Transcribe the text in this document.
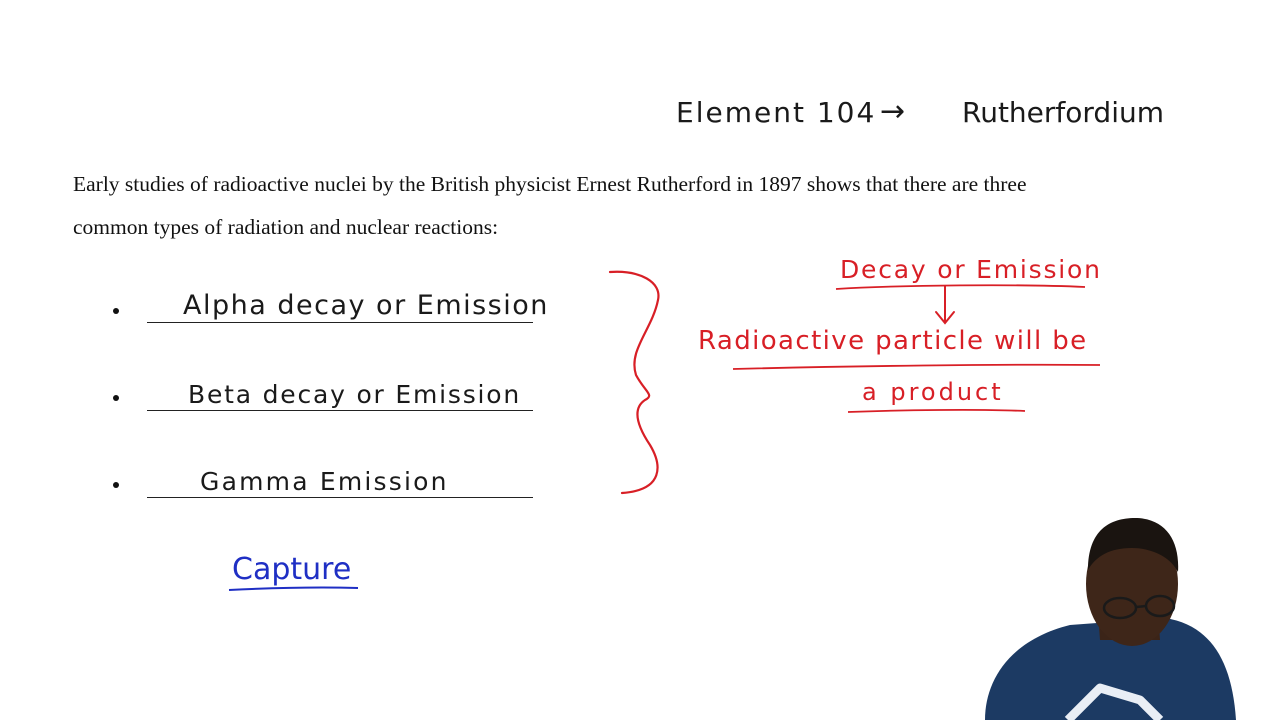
Element 104 → Rutherfordium
Early studies of radioactive nuclei by the British physicist Ernest Rutherford in 1897 shows that there are three
common types of radiation and nuclear reactions:
Alpha decay or Emission
Beta decay or Emission
Gamma Emission
Decay or Emission
Radioactive particle will be
a product
Capture
